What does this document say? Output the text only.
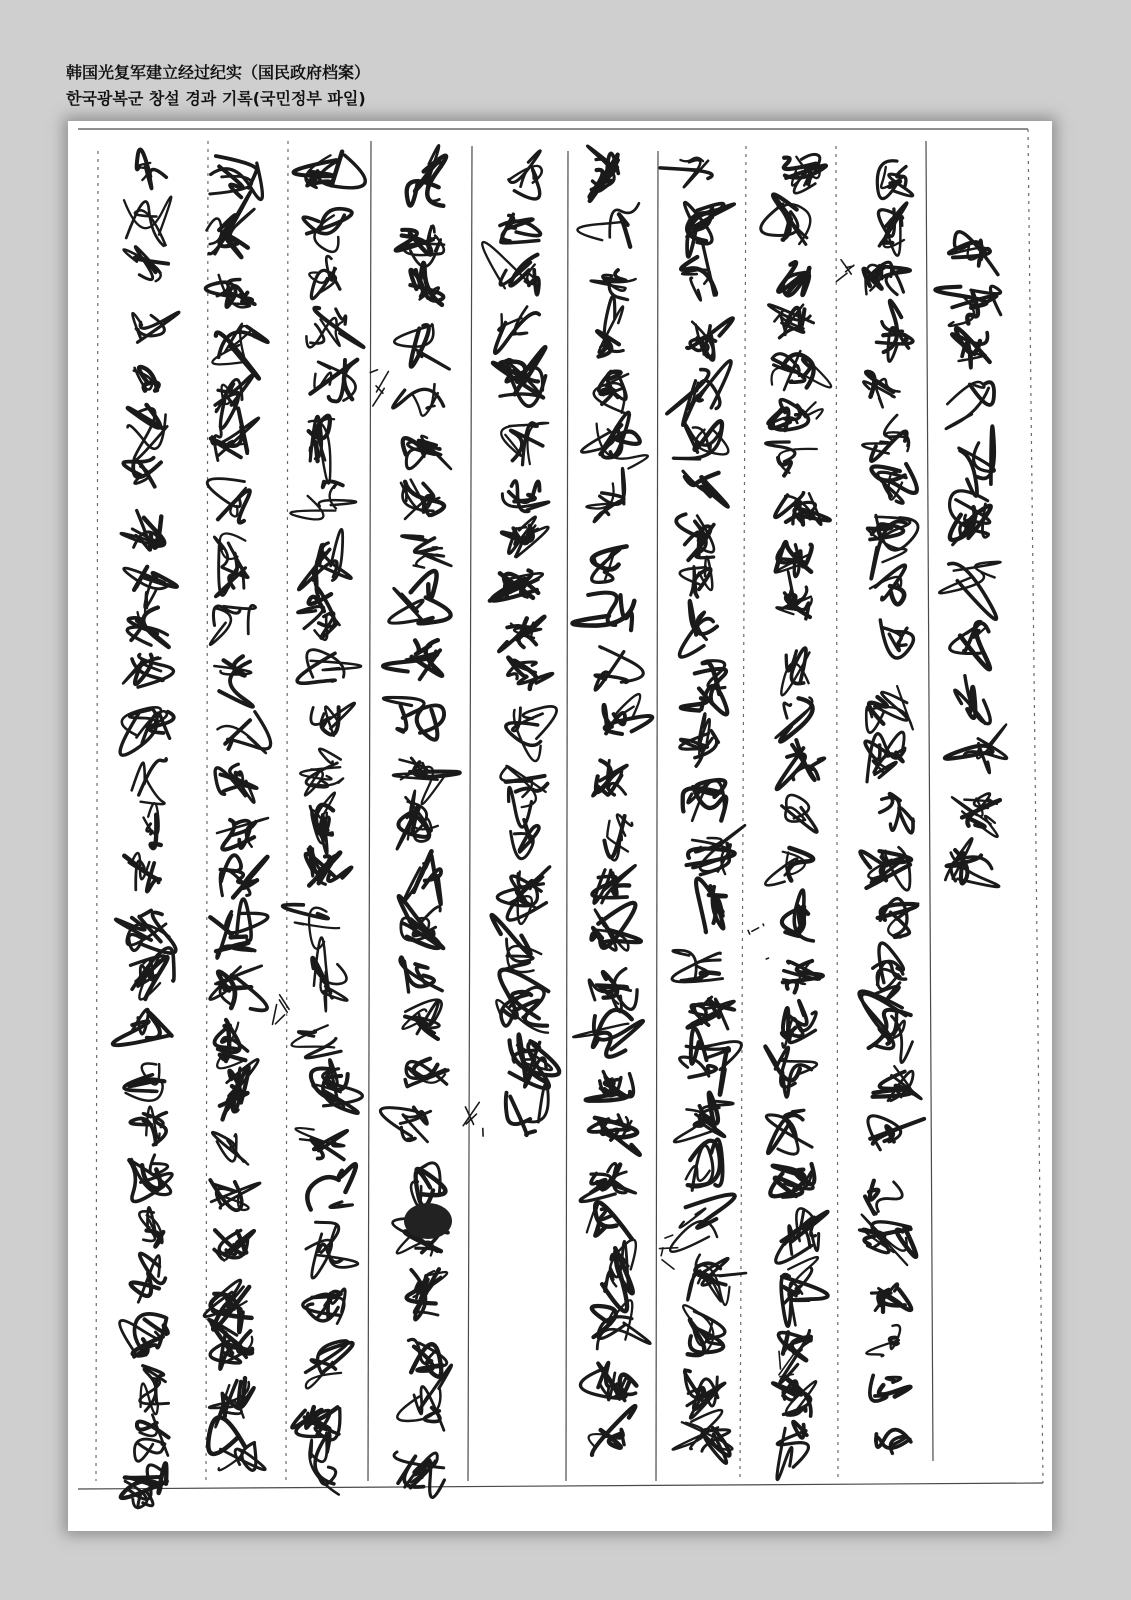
韩国光复军建立经过纪实（国民政府档案）
한국광복군 창설 경과 기록(국민정부 파일)
